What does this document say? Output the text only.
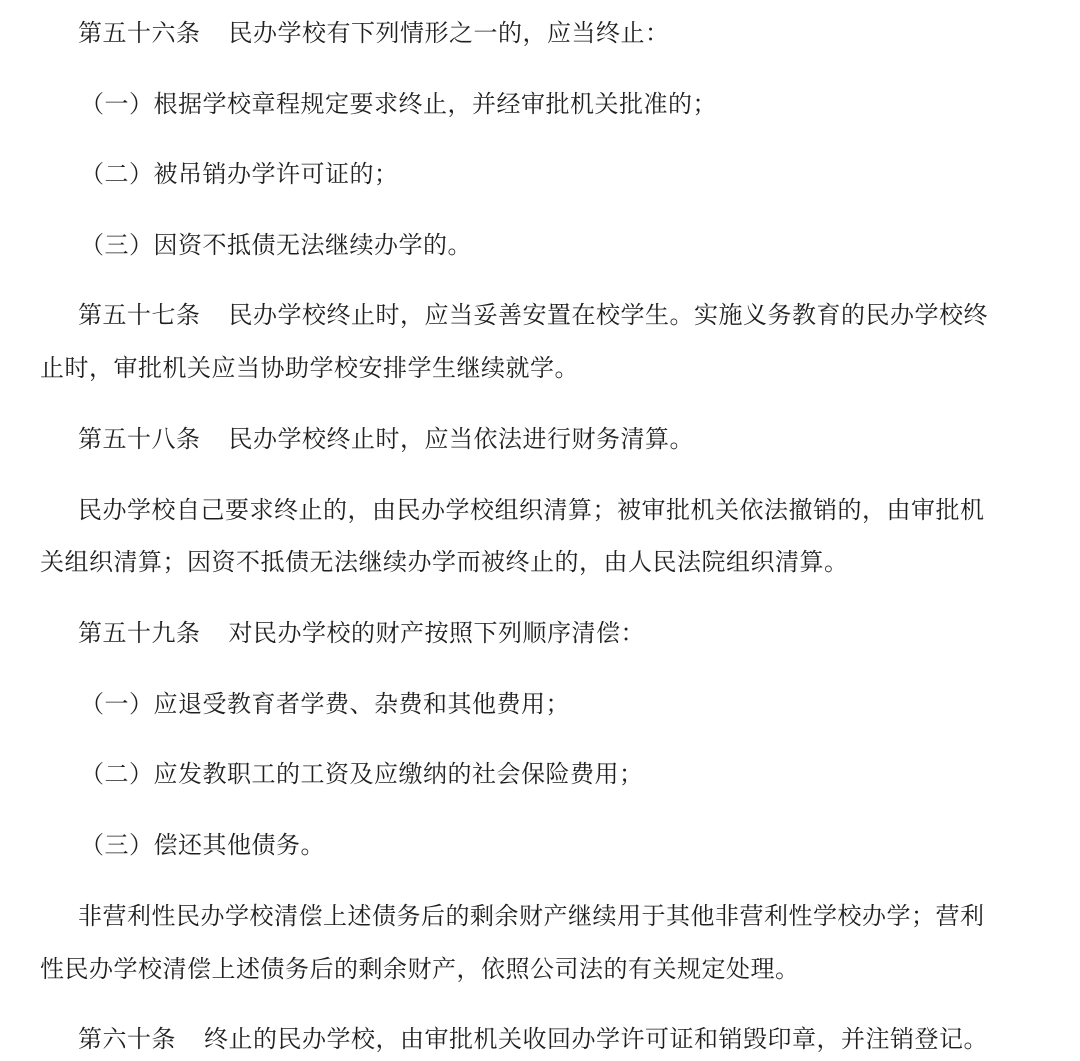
第五十六条 民办学校有下列情形之一的，应当终止：
（一）根据学校章程规定要求终止，并经审批机关批准的；
（二）被吊销办学许可证的；
（三）因资不抵债无法继续办学的。
第五十七条 民办学校终止时，应当妥善安置在校学生。实施义务教育的民办学校终
止时，审批机关应当协助学校安排学生继续就学。
第五十八条 民办学校终止时，应当依法进行财务清算。
民办学校自己要求终止的，由民办学校组织清算；被审批机关依法撤销的，由审批机
关组织清算；因资不抵债无法继续办学而被终止的，由人民法院组织清算。
第五十九条 对民办学校的财产按照下列顺序清偿：
（一）应退受教育者学费、杂费和其他费用；
（二）应发教职工的工资及应缴纳的社会保险费用；
（三）偿还其他债务。
非营利性民办学校清偿上述债务后的剩余财产继续用于其他非营利性学校办学；营利
性民办学校清偿上述债务后的剩余财产，依照公司法的有关规定处理。
第六十条 终止的民办学校，由审批机关收回办学许可证和销毁印章，并注销登记。
